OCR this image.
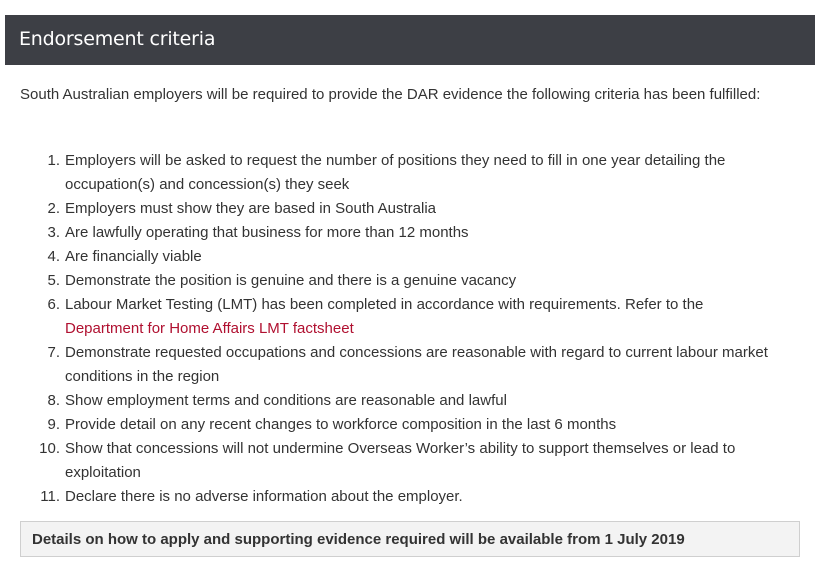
Endorsement criteria

South Australian employers will be required to provide the DAR evidence the following criteria has been fulfilled:

1 . Employers will be asked to request the number of positions they need to fill in one year detailing the occupation(s) and concession(s) they seek
2 . Employers must show they are based in South Australia
3 . Are lawfully operating that business for more than 12 months
4 . Are financially viable
5 . Demonstrate the position is genuine and there is a genuine vacancy
6 . Labour Market Testing (LMT) has been completed in accordance with requirements. Refer to the
Department for Home Affairs LMT factsheet
7 . Demonstrate requested occupations and concessions are reasonable with regard to current labour market conditions in the region
8 . Show employment terms and conditions are reasonable and lawful
9 . Provide detail on any recent changes to workforce composition in the last 6 months
10 . Show that concessions will not undermine Overseas Worker’s ability to support themselves or lead to exploitation
11 . Declare there is no adverse information about the employer.
Details on how to apply and supporting evidence required will be available from 1 July 2019
